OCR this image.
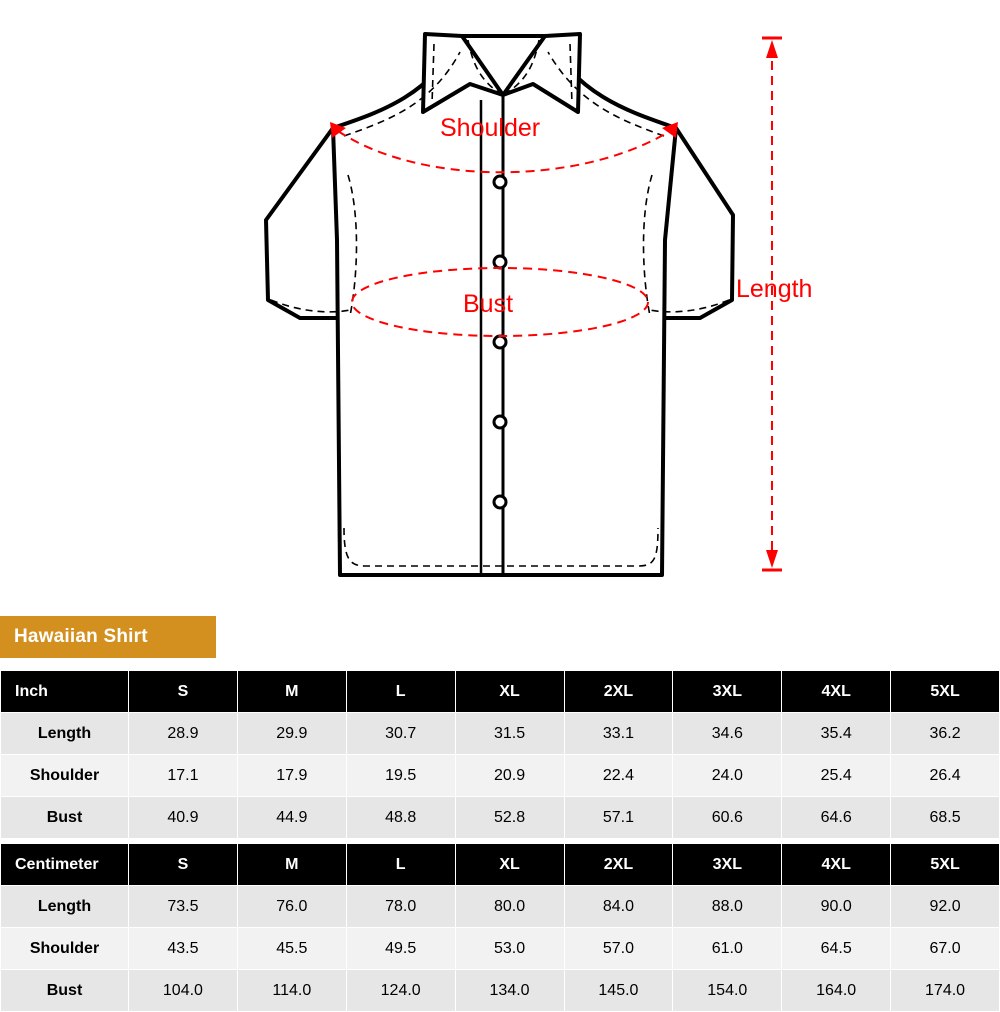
Shoulder
Bust
Length
Hawaiian Shirt
Inch	S	M	L	XL	2XL	3XL	4XL	5XL
Length	28.9	29.9	30.7	31.5	33.1	34.6	35.4	36.2
Shoulder	17.1	17.9	19.5	20.9	22.4	24.0	25.4	26.4
Bust	40.9	44.9	48.8	52.8	57.1	60.6	64.6	68.5
Centimeter	S	M	L	XL	2XL	3XL	4XL	5XL
Length	73.5	76.0	78.0	80.0	84.0	88.0	90.0	92.0
Shoulder	43.5	45.5	49.5	53.0	57.0	61.0	64.5	67.0
Bust	104.0	114.0	124.0	134.0	145.0	154.0	164.0	174.0
